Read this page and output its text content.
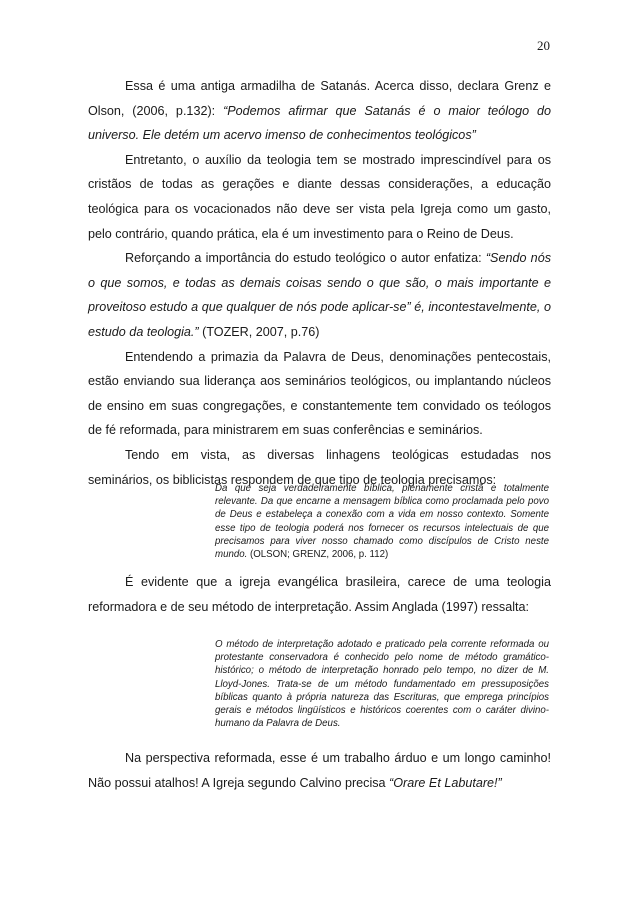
20

Essa é uma antiga armadilha de Satanás. Acerca disso, declara Grenz e Olson, (2006, p.132): “Podemos afirmar que Satanás é o maior teólogo do universo. Ele detém um acervo imenso de conhecimentos teológicos”

Entretanto, o auxílio da teologia tem se mostrado imprescindível para os cristãos de todas as gerações e diante dessas considerações, a educação teológica para os vocacionados não deve ser vista pela Igreja como um gasto, pelo contrário, quando prática, ela é um investimento para o Reino de Deus.

Reforçando a importância do estudo teológico o autor enfatiza: “Sendo nós o que somos, e todas as demais coisas sendo o que são, o mais importante e proveitoso estudo a que qualquer de nós pode aplicar-se” é, incontestavelmente, o estudo da teologia.” (TOZER, 2007, p.76)

Entendendo a primazia da Palavra de Deus, denominações pentecostais, estão enviando sua liderança aos seminários teológicos, ou implantando núcleos de ensino em suas congregações, e constantemente tem convidado os teólogos de fé reformada, para ministrarem em suas conferências e seminários.

Tendo em vista, as diversas linhagens teológicas estudadas nos seminários, os biblicistas respondem de que tipo de teologia precisamos:

Da que seja verdadeiramente bíblica, plenamente cristã e totalmente relevante. Da que encarne a mensagem bíblica como proclamada pelo povo de Deus e estabeleça a conexão com a vida em nosso contexto. Somente esse tipo de teologia poderá nos fornecer os recursos intelectuais de que precisamos para viver nosso chamado como discípulos de Cristo neste mundo. (OLSON; GRENZ, 2006, p. 112)

É evidente que a igreja evangélica brasileira, carece de uma teologia reformadora e de seu método de interpretação. Assim Anglada (1997) ressalta:

O método de interpretação adotado e praticado pela corrente reformada ou protestante conservadora é conhecido pelo nome de método gramático-histórico; o método de interpretação honrado pelo tempo, no dizer de M. Lloyd-Jones. Trata-se de um método fundamentado em pressuposições bíblicas quanto à própria natureza das Escrituras, que emprega princípios gerais e métodos lingüísticos e históricos coerentes com o caráter divino-humano da Palavra de Deus.

Na perspectiva reformada, esse é um trabalho árduo e um longo caminho! Não possui atalhos! A Igreja segundo Calvino precisa “Orare Et Labutare!”
